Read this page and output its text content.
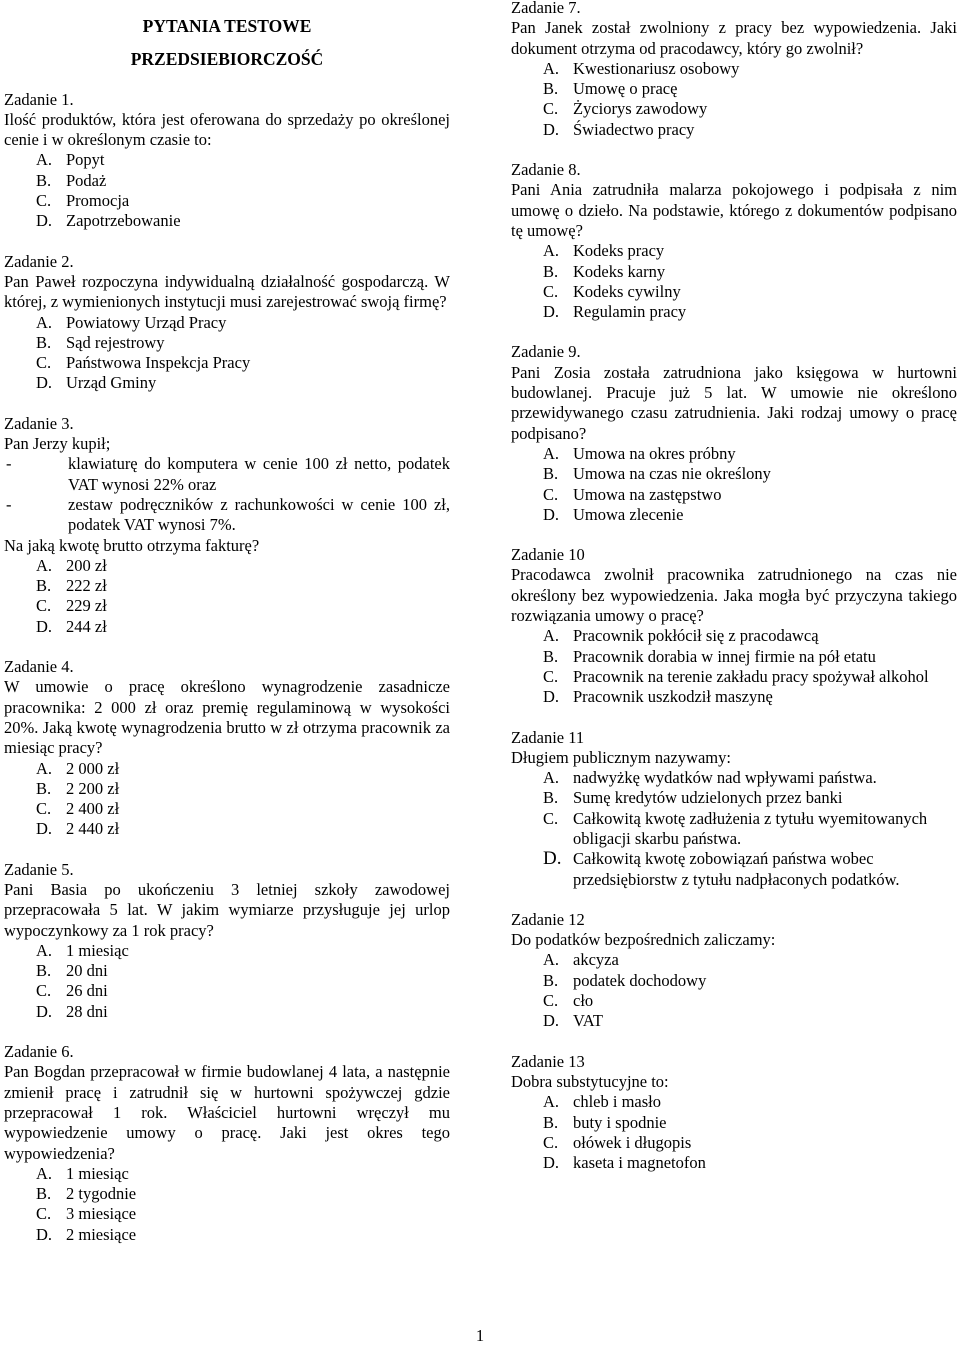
PYTANIA TESTOWE
PRZEDSIEBIORCZOŚĆ

Zadanie 1.

Ilość produktów, która jest oferowana do sprzedaży po określonej cenie i w określonym czasie to:

A. Popyt
B. Podaż
C. Promocja
D. Zapotrzebowanie

Zadanie 2.

Pan Paweł rozpoczyna indywidualną działalność gospodarczą. W której, z wymienionych instytucji musi zarejestrować swoją firmę?

A. Powiatowy Urząd Pracy
B. Sąd rejestrowy
C. Państwowa Inspekcja Pracy
D. Urząd Gminy

Zadanie 3.

Pan Jerzy kupił;

-	klawiaturę do komputera w cenie 100 zł netto, podatek VAT wynosi 22% oraz
-	zestaw podręczników z rachunkowości w cenie 100 zł, podatek VAT wynosi 7%.

Na jaką kwotę brutto otrzyma fakturę?

A. 200 zł
B. 222 zł
C. 229 zł
D. 244 zł

Zadanie 4.

W umowie o pracę określono wynagrodzenie zasadnicze pracownika: 2 000 zł oraz premię regulaminową w wysokości 20%. Jaką kwotę wynagrodzenia brutto w zł otrzyma pracownik za miesiąc pracy?

A. 2 000 zł
B. 2 200 zł
C. 2 400 zł
D. 2 440 zł

Zadanie 5.

Pani Basia po ukończeniu 3 letniej szkoły zawodowej przepracowała 5 lat. W jakim wymiarze przysługuje jej urlop wypoczynkowy za 1 rok pracy?

A. 1 miesiąc
B. 20 dni
C. 26 dni
D. 28 dni

Zadanie 6.

Pan Bogdan przepracował w firmie budowlanej 4 lata, a następnie zmienił pracę i zatrudnił się w hurtowni spożywczej gdzie przepracował 1 rok. Właściciel hurtowni wręczył mu wypowiedzenie umowy o pracę. Jaki jest okres tego wypowiedzenia?

A. 1 miesiąc
B. 2 tygodnie
C. 3 miesiące
D. 2 miesiące

Zadanie 7.

Pan Janek został zwolniony z pracy bez wypowiedzenia. Jaki dokument otrzyma od pracodawcy, który go zwolnił?

A. Kwestionariusz osobowy
B. Umowę o pracę
C. Życiorys zawodowy
D. Świadectwo pracy

Zadanie 8.

Pani Ania zatrudniła malarza pokojowego i podpisała z nim umowę o dzieło. Na podstawie, którego z dokumentów podpisano tę umowę?

A. Kodeks pracy
B. Kodeks karny
C. Kodeks cywilny
D. Regulamin pracy

Zadanie 9.

Pani Zosia została zatrudniona jako księgowa w hurtowni budowlanej. Pracuje już 5 lat. W umowie nie określono przewidywanego czasu zatrudnienia. Jaki rodzaj umowy o pracę podpisano?

A. Umowa na okres próbny
B. Umowa na czas nie określony
C. Umowa na zastępstwo
D. Umowa zlecenie

Zadanie 10

Pracodawca zwolnił pracownika zatrudnionego na czas nie określony bez wypowiedzenia. Jaka mogła być przyczyna takiego rozwiązania umowy o pracę?

A. Pracownik pokłócił się z pracodawcą
B. Pracownik dorabia w innej firmie na pół etatu
C. Pracownik na terenie zakładu pracy spożywał alkohol
D. Pracownik uszkodził maszynę

Zadanie 11

Długiem publicznym nazywamy:

A. nadwyżkę wydatków nad wpływami państwa.
B. Sumę kredytów udzielonych przez banki
C. Całkowitą kwotę zadłużenia z tytułu wyemitowanych obligacji skarbu państwa.
D. Całkowitą kwotę zobowiązań państwa wobec przedsiębiorstw z tytułu nadpłaconych podatków.

Zadanie 12

Do podatków bezpośrednich zaliczamy:

A. akcyza
B. podatek dochodowy
C. cło
D. VAT

Zadanie 13

Dobra substytucyjne to:

A. chleb i masło
B. buty i spodnie
C. ołówek i długopis
D. kaseta i magnetofon
1
